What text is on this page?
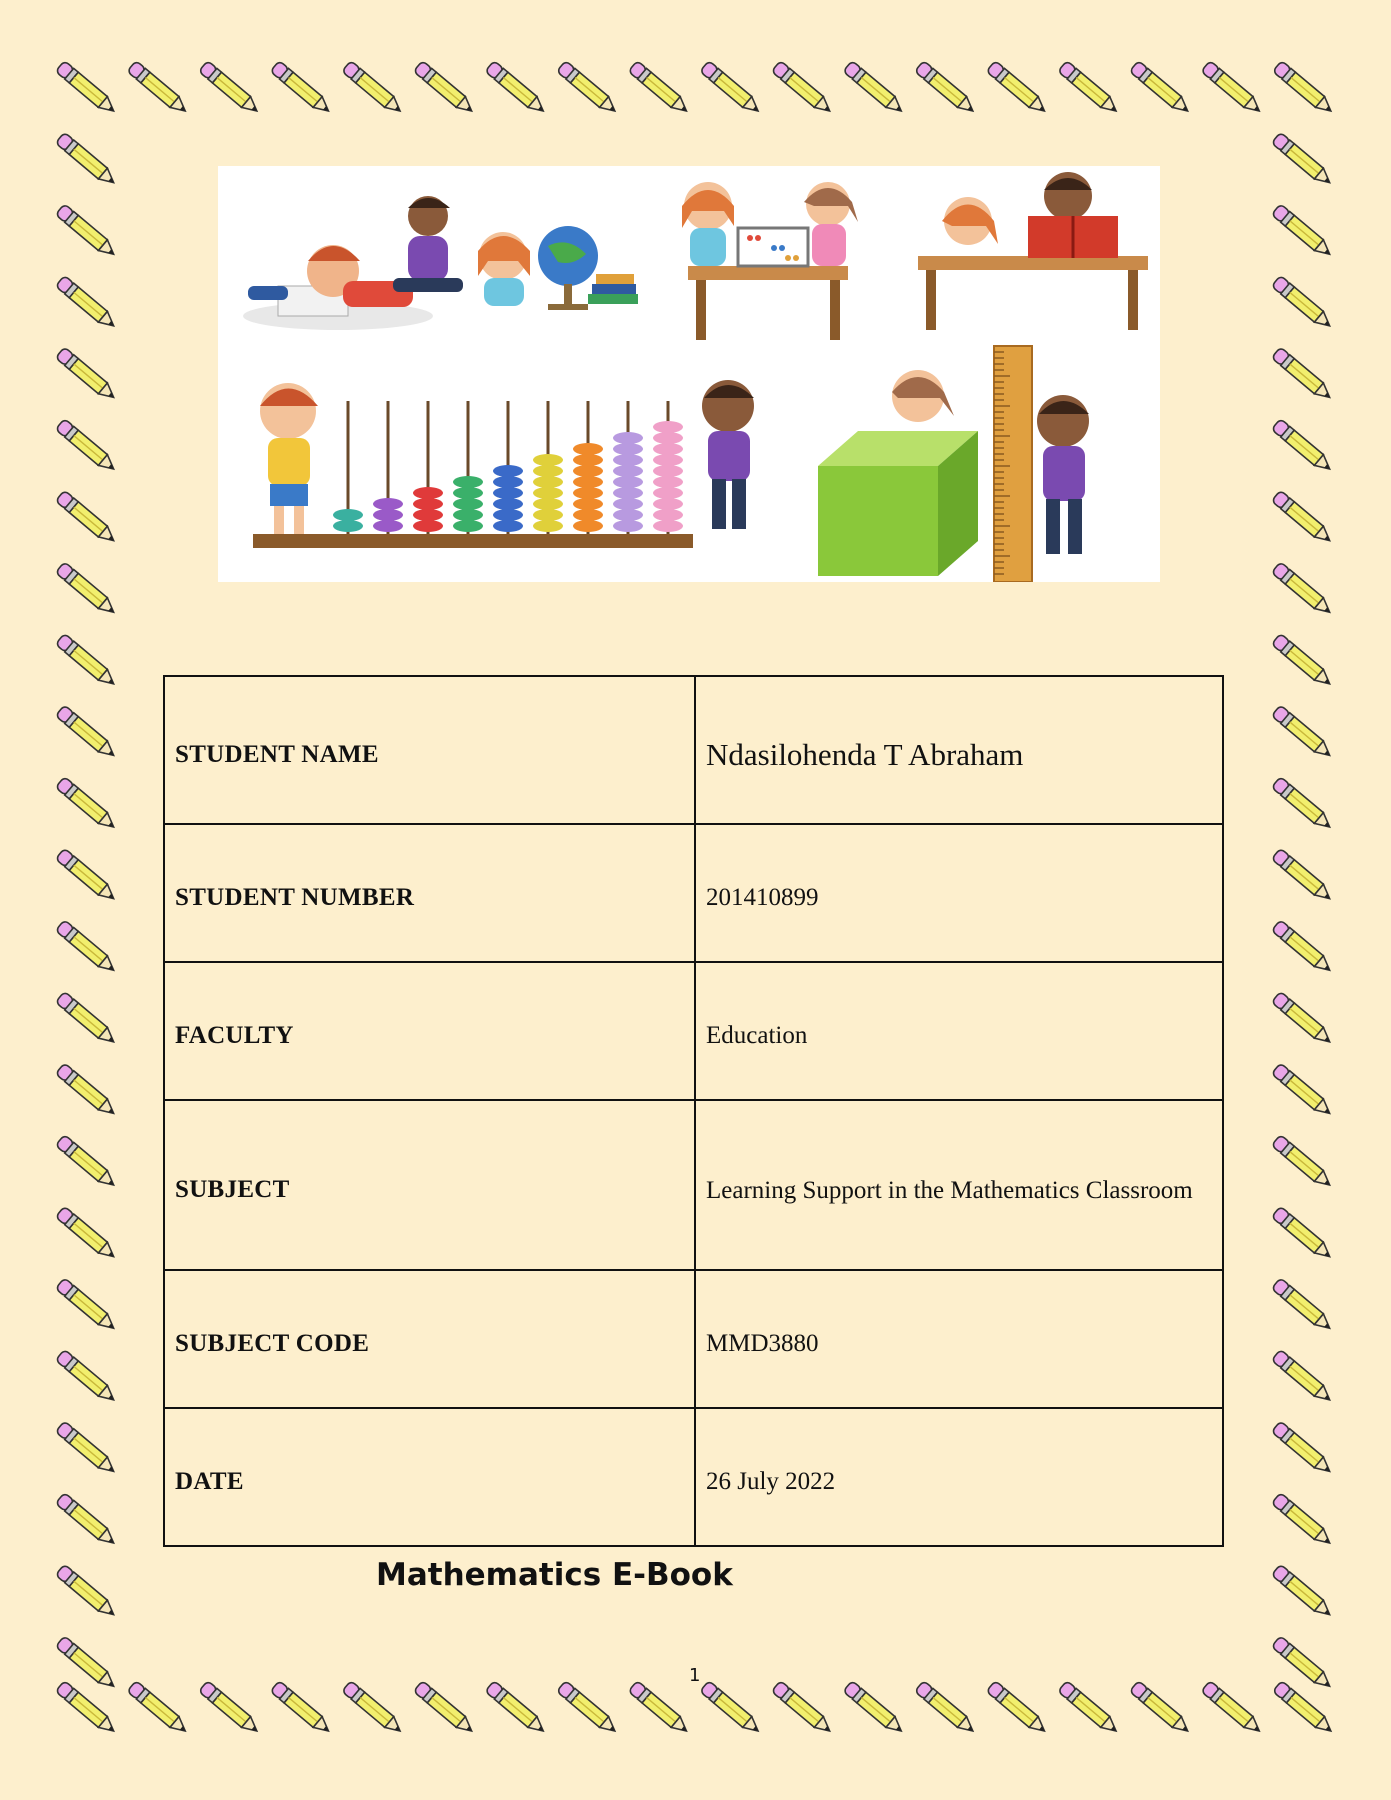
STUDENT NAME	Ndasilohenda T Abraham
STUDENT NUMBER	201410899
FACULTY	Education
SUBJECT	Learning Support in the Mathematics Classroom
SUBJECT CODE	MMD3880
DATE	26 July 2022
Mathematics E-Book
1
